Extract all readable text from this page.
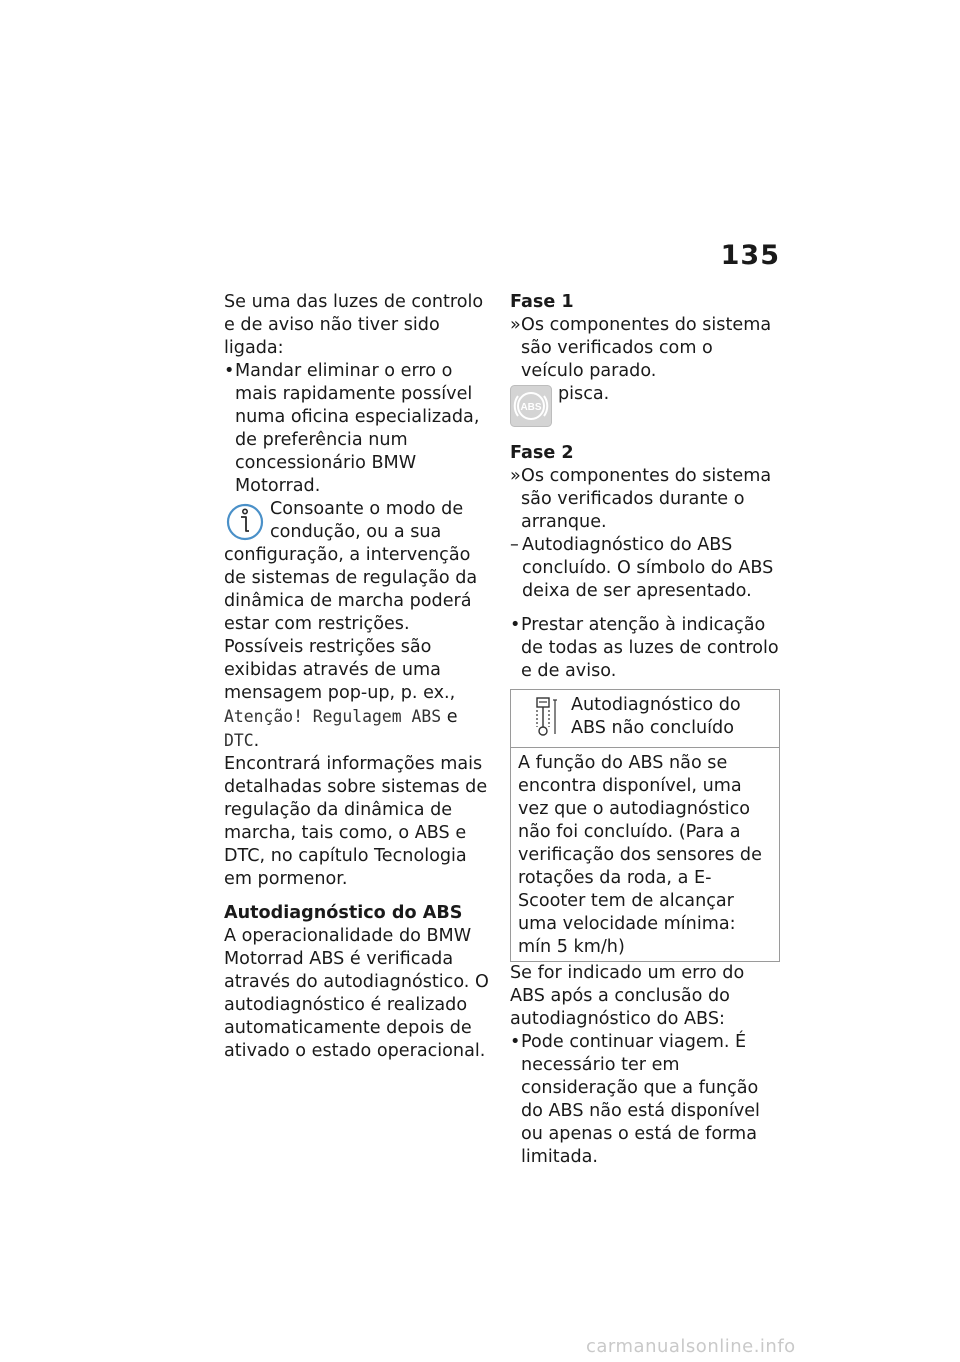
135

Se uma das luzes de controlo e de aviso não tiver sido ligada:

• Mandar eliminar o erro o mais rapidamente possível numa oficina especializada, de preferência num concessionário BMW Motorrad.

Consoante o modo de condução, ou a sua configuração, a intervenção de sistemas de regulação da dinâmica de marcha poderá estar com restrições.

Possíveis restrições são exibidas através de uma mensagem pop-up, p. ex., Atenção! Regulagem ABS e DTC.

Encontrará informações mais detalhadas sobre sistemas de regulação da dinâmica de marcha, tais como, o ABS e DTC, no capítulo Tecnologia em pormenor.

Autodiagnóstico do ABS

A operacionalidade do BMW Motorrad ABS é verificada através do autodiagnóstico. O autodiagnóstico é realizado automaticamente depois de ativado o estado operacional.

Fase 1
» Os componentes do sistema são verificados com o veículo parado.
ABS
pisca.
Fase 2
» Os componentes do sistema são verificados durante o arranque.
– Autodiagnóstico do ABS concluído. O símbolo do ABS deixa de ser apresentado.
• Prestar atenção à indicação de todas as luzes de controlo e de aviso.
Autodiagnóstico do ABS não concluído
A função do ABS não se encontra disponível, uma vez que o autodiagnóstico não foi concluído. (Para a verificação dos sensores de rotações da roda, a E-Scooter tem de alcançar uma velocidade mínima: mín 5 km/h)

Se for indicado um erro do ABS após a conclusão do autodiagnóstico do ABS:

• Pode continuar viagem. É necessário ter em consideração que a função do ABS não está disponível ou apenas o está de forma limitada.
carmanualsonline.info
